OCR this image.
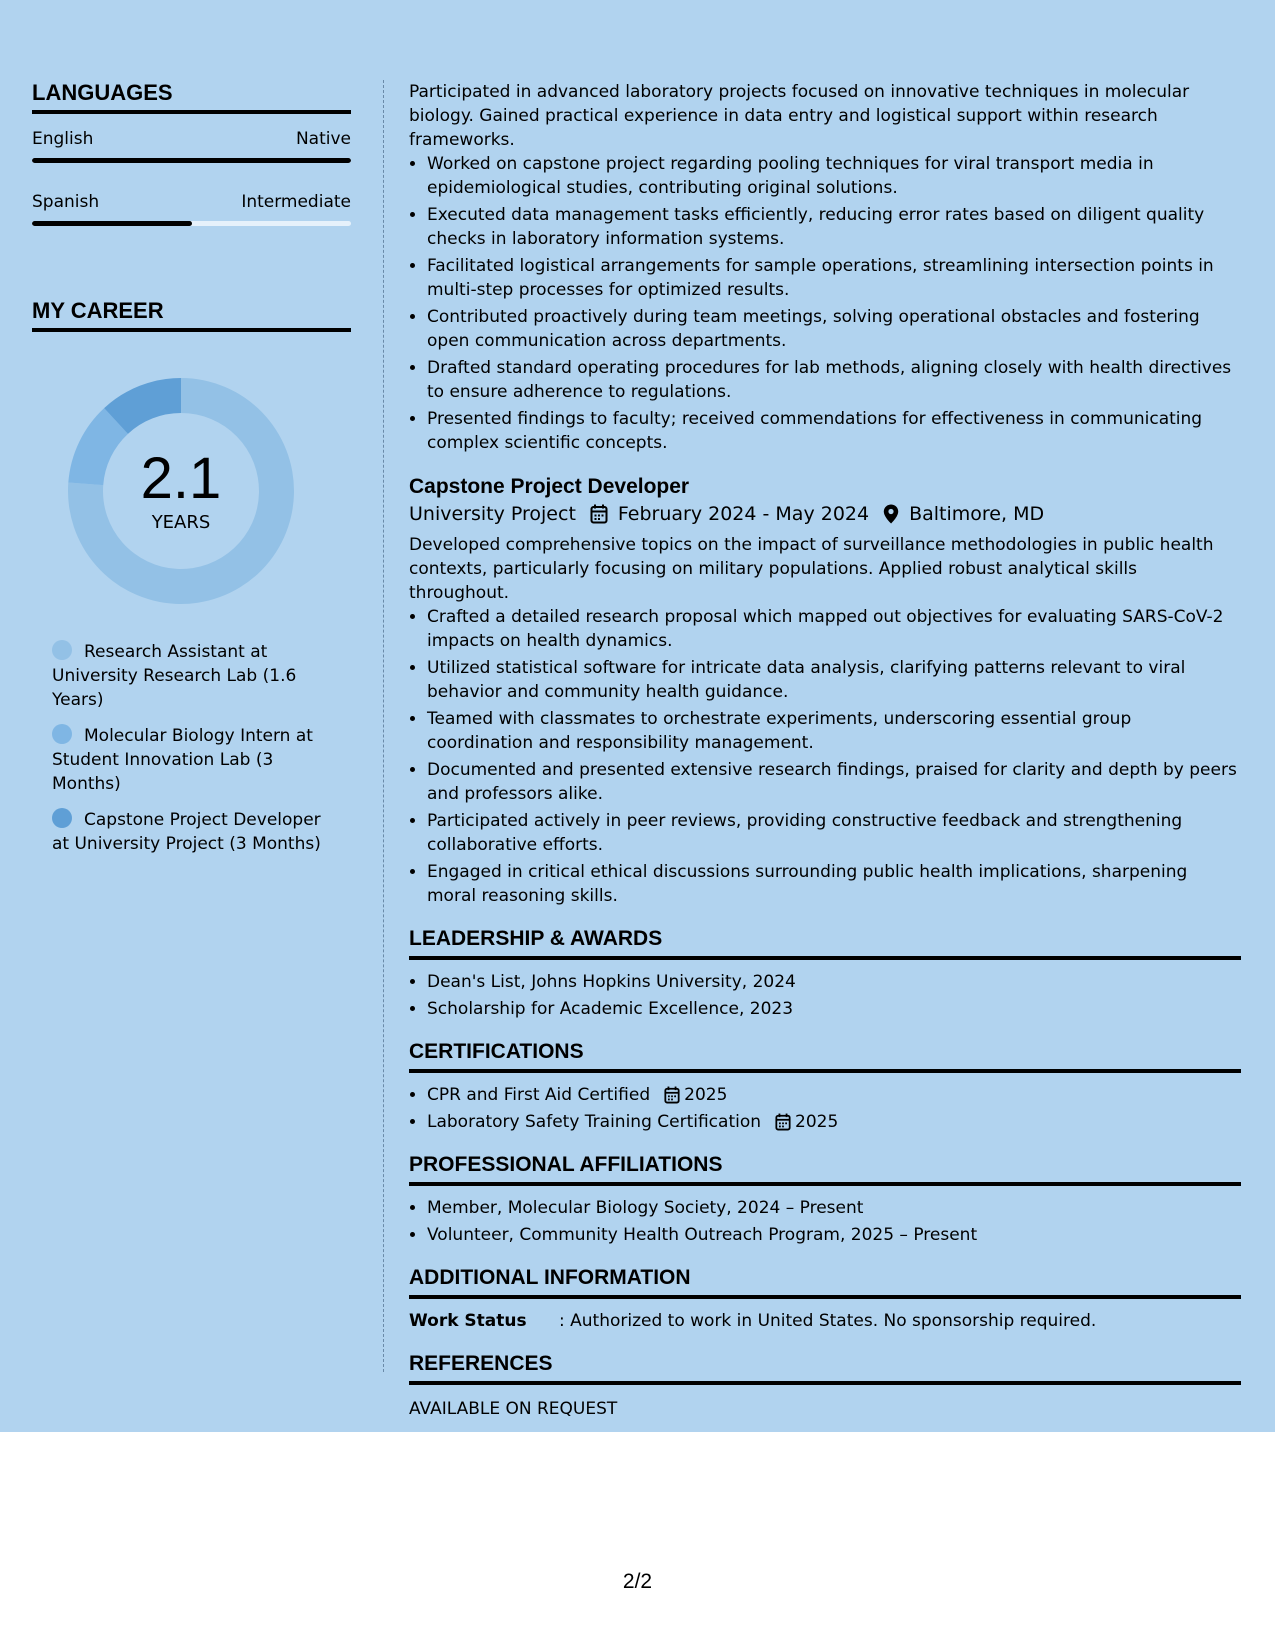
LANGUAGES
English	Native
Spanish	Intermediate
MY CAREER
2.1
YEARS
Research Assistant at University Research Lab (1.6 Years)
Molecular Biology Intern at Student Innovation Lab (3 Months)
Capstone Project Developer at University Project (3 Months)

Participated in advanced laboratory projects focused on innovative techniques in molecular biology. Gained practical experience in data entry and logistical support within research frameworks.

• Worked on capstone project regarding pooling techniques for viral transport media in epidemiological studies, contributing original solutions.
• Executed data management tasks efficiently, reducing error rates based on diligent quality checks in laboratory information systems.
• Facilitated logistical arrangements for sample operations, streamlining intersection points in multi-step processes for optimized results.
• Contributed proactively during team meetings, solving operational obstacles and fostering open communication across departments.
• Drafted standard operating procedures for lab methods, aligning closely with health directives to ensure adherence to regulations.
• Presented findings to faculty; received commendations for effectiveness in communicating complex scientific concepts.
Capstone Project Developer
University Project February 2024 - May 2024 Baltimore, MD

Developed comprehensive topics on the impact of surveillance methodologies in public health contexts, particularly focusing on military populations. Applied robust analytical skills throughout.

• Crafted a detailed research proposal which mapped out objectives for evaluating SARS-CoV-2 impacts on health dynamics.
• Utilized statistical software for intricate data analysis, clarifying patterns relevant to viral behavior and community health guidance.
• Teamed with classmates to orchestrate experiments, underscoring essential group coordination and responsibility management.
• Documented and presented extensive research findings, praised for clarity and depth by peers and professors alike.
• Participated actively in peer reviews, providing constructive feedback and strengthening collaborative efforts.
• Engaged in critical ethical discussions surrounding public health implications, sharpening moral reasoning skills.
LEADERSHIP & AWARDS
• Dean's List, Johns Hopkins University, 2024
• Scholarship for Academic Excellence, 2023
CERTIFICATIONS
• CPR and First Aid Certified 2025
• Laboratory Safety Training Certification 2025
PROFESSIONAL AFFILIATIONS
• Member, Molecular Biology Society, 2024 – Present
• Volunteer, Community Health Outreach Program, 2025 – Present
ADDITIONAL INFORMATION
Work Status : Authorized to work in United States. No sponsorship required.
REFERENCES
AVAILABLE ON REQUEST
2/2
